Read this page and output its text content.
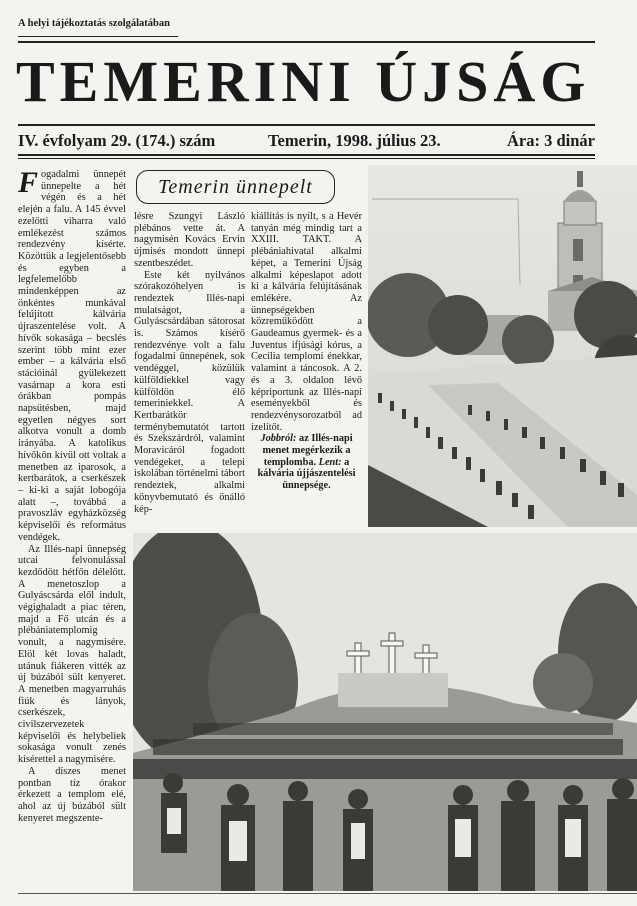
A helyi tájékoztatás szolgálatában
TEMERINI ÚJSÁG
IV. évfolyam 29. (174.) szám	Temerin, 1998. július 23.	Ára: 3 dinár
Temerin ünnepelt

Fogadalmi ünnepét ünnepelte a hét végén és a hét elején a falu. A 145 évvel ezelőtti viharra való emlékezést számos rendezvény kísérte. Közöttük a legjelentősebb és egyben a legfelemelőbb mindenképpen az önkéntes munkával felújított kálvária újraszentelése volt. A hívők sokasága – becslés szerint több mint ezer ember – a kálvária első stációinál gyülekezett vasárnap a kora esti órákban pompás napsütésben, majd egyetlen négyes sort alkotva vonult a domb irányába. A katolikus hívőkön kívül ott voltak a menetben az iparosok, a kertbarátok, a cserkészek – ki-ki a saját lobogója alatt –, továbbá a pravoszláv egyházközség képviselői és református vendégek.

Az Illés-napi ünnepség utcai felvonulással kezdődött hétfőn délelőtt. A menetoszlop a Gulyáscsárda elől indult, végighaladt a piac téren, majd a Fő utcán és a plébániatemplomig vonult, a nagymisére. Elöl két lovas haladt, utánuk fiákeren vitték az új búzából sült kenyeret. A menetben magyarruhás fiúk és lányok, cserkészek, civilszervezetek képviselői és helybeliek sokasága vonult zenés kísérettel a nagymisére.

A díszes menet pontban tíz órakor érkezett a templom elé, ahol az új búzából sült kenyeret megszente-

lésre Szungyi László plébános vette át. A nagymisén Kovács Ervin újmisés mondott ünnepi szentbeszédet.

Este két nyilvános szórakozóhelyen is rendeztek Illés-napi mulatságot, a Gulyáscsárdában sátorosat is. Számos kísérő rendezvénye volt a falu fogadalmi ünnepének, sok vendéggel, közülük külföldiekkel vagy külföldön élő temeriniekkel. A Kertbarátkör terménybemutatót tartott és Szekszárdról, valamint Moravicáról fogadott vendégeket, a telepi iskolában történelmi tábort rendeztek, alkalmi könyvbemutató és önálló kép-

kiállítás is nyílt, s a Hevér tanyán még mindig tart a XXIII. TAKT. A plébániahivatal alkalmi képet, a Temerini Újság alkalmi képeslapot adott ki a kálvária felújításának emlékére. Az ünnepségekben közreműködött a Gaudeamus gyermek- és a Juventus ifjúsági kórus, a Cecília templomi énekkar, valamint a táncosok. A 2. és a 3. oldalon lévő képriportunk az Illés-napi eseményekből és rendezvénysorozatból ad ízelítőt.

Jobbról: az Illés-napi menet megérkezik a templomba. Lent: a kálvária újjászentelési ünnepsége.
